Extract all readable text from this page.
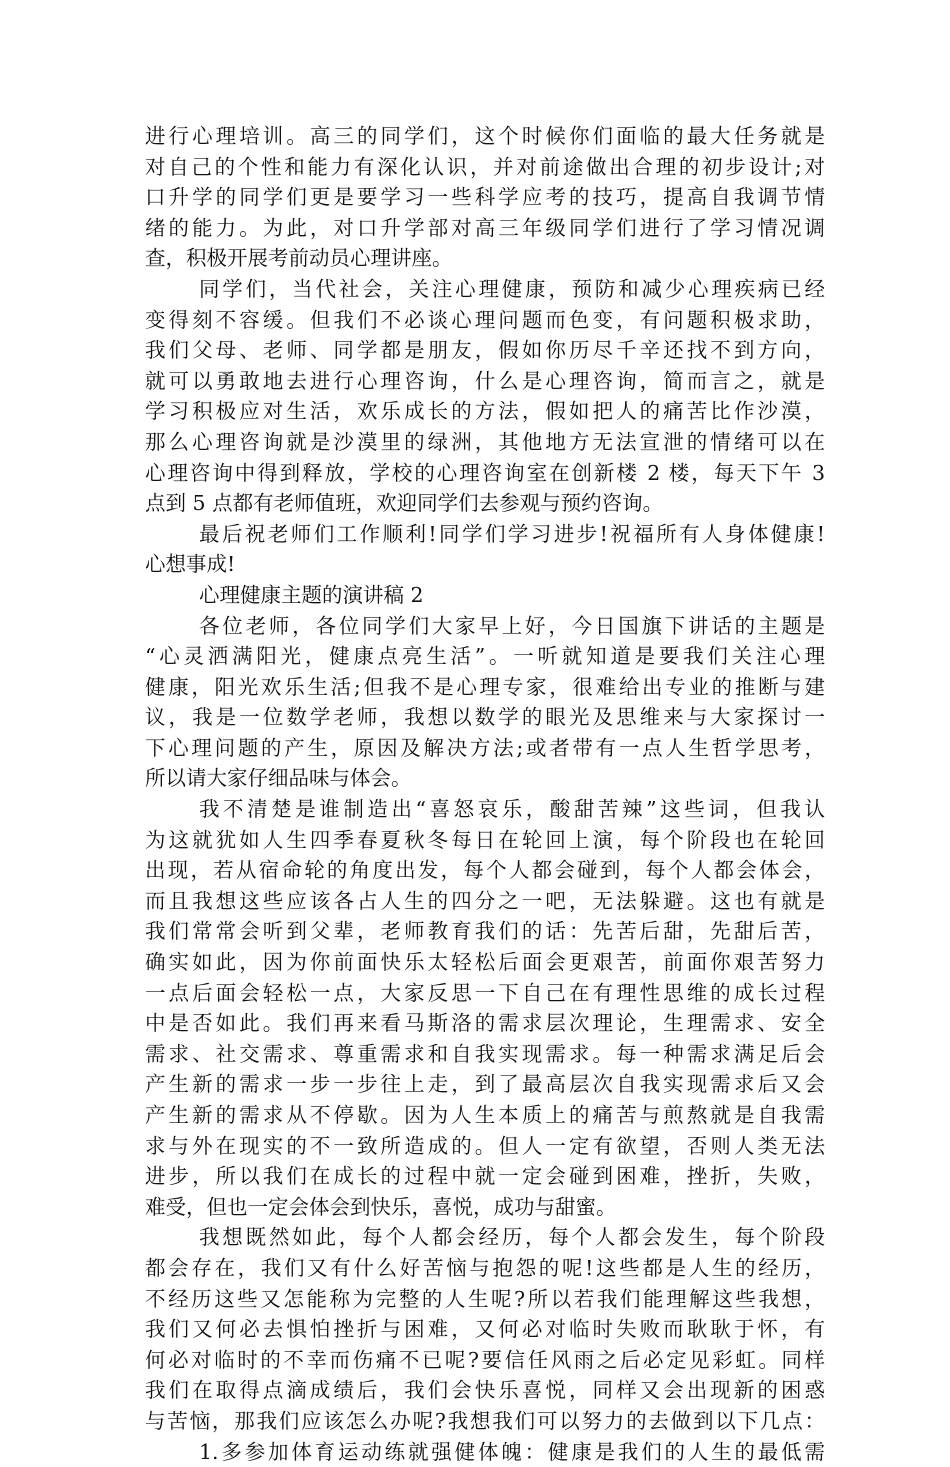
进行心理培训。高三的同学们，这个时候你们面临的最大任务就是
对自己的个性和能力有深化认识，并对前途做出合理的初步设计;对
口升学的同学们更是要学习一些科学应考的技巧，提高自我调节情
绪的能力。为此，对口升学部对高三年级同学们进行了学习情况调
查，积极开展考前动员心理讲座。
同学们，当代社会，关注心理健康，预防和减少心理疾病已经
变得刻不容缓。但我们不必谈心理问题而色变，有问题积极求助，
我们父母、老师、同学都是朋友，假如你历尽千辛还找不到方向，
就可以勇敢地去进行心理咨询，什么是心理咨询，简而言之，就是
学习积极应对生活，欢乐成长的方法，假如把人的痛苦比作沙漠，
那么心理咨询就是沙漠里的绿洲，其他地方无法宣泄的情绪可以在
心理咨询中得到释放，学校的心理咨询室在创新楼 2 楼，每天下午 3
点到 5 点都有老师值班，欢迎同学们去参观与预约咨询。
最后祝老师们工作顺利!同学们学习进步!祝福所有人身体健康!
心想事成!
心理健康主题的演讲稿 2
各位老师，各位同学们大家早上好，今日国旗下讲话的主题是
“心灵洒满阳光，健康点亮生活”。一听就知道是要我们关注心理
健康，阳光欢乐生活;但我不是心理专家，很难给出专业的推断与建
议，我是一位数学老师，我想以数学的眼光及思维来与大家探讨一
下心理问题的产生，原因及解决方法;或者带有一点人生哲学思考，
所以请大家仔细品味与体会。
我不清楚是谁制造出“喜怒哀乐，酸甜苦辣”这些词，但我认
为这就犹如人生四季春夏秋冬每日在轮回上演，每个阶段也在轮回
出现，若从宿命轮的角度出发，每个人都会碰到，每个人都会体会，
而且我想这些应该各占人生的四分之一吧，无法躲避。这也有就是
我们常常会听到父辈，老师教育我们的话：先苦后甜，先甜后苦，
确实如此，因为你前面快乐太轻松后面会更艰苦，前面你艰苦努力
一点后面会轻松一点，大家反思一下自己在有理性思维的成长过程
中是否如此。我们再来看马斯洛的需求层次理论，生理需求、安全
需求、社交需求、尊重需求和自我实现需求。每一种需求满足后会
产生新的需求一步一步往上走，到了最高层次自我实现需求后又会
产生新的需求从不停歇。因为人生本质上的痛苦与煎熬就是自我需
求与外在现实的不一致所造成的。但人一定有欲望，否则人类无法
进步，所以我们在成长的过程中就一定会碰到困难，挫折，失败，
难受，但也一定会体会到快乐，喜悦，成功与甜蜜。
我想既然如此，每个人都会经历，每个人都会发生，每个阶段
都会存在，我们又有什么好苦恼与抱怨的呢!这些都是人生的经历，
不经历这些又怎能称为完整的人生呢?所以若我们能理解这些我想，
我们又何必去惧怕挫折与困难，又何必对临时失败而耿耿于怀，有
何必对临时的不幸而伤痛不已呢?要信任风雨之后必定见彩虹。同样
我们在取得点滴成绩后，我们会快乐喜悦，同样又会出现新的困惑
与苦恼，那我们应该怎么办呢?我想我们可以努力的去做到以下几点：
1.多参加体育运动练就强健体魄：健康是我们的人生的最低需
